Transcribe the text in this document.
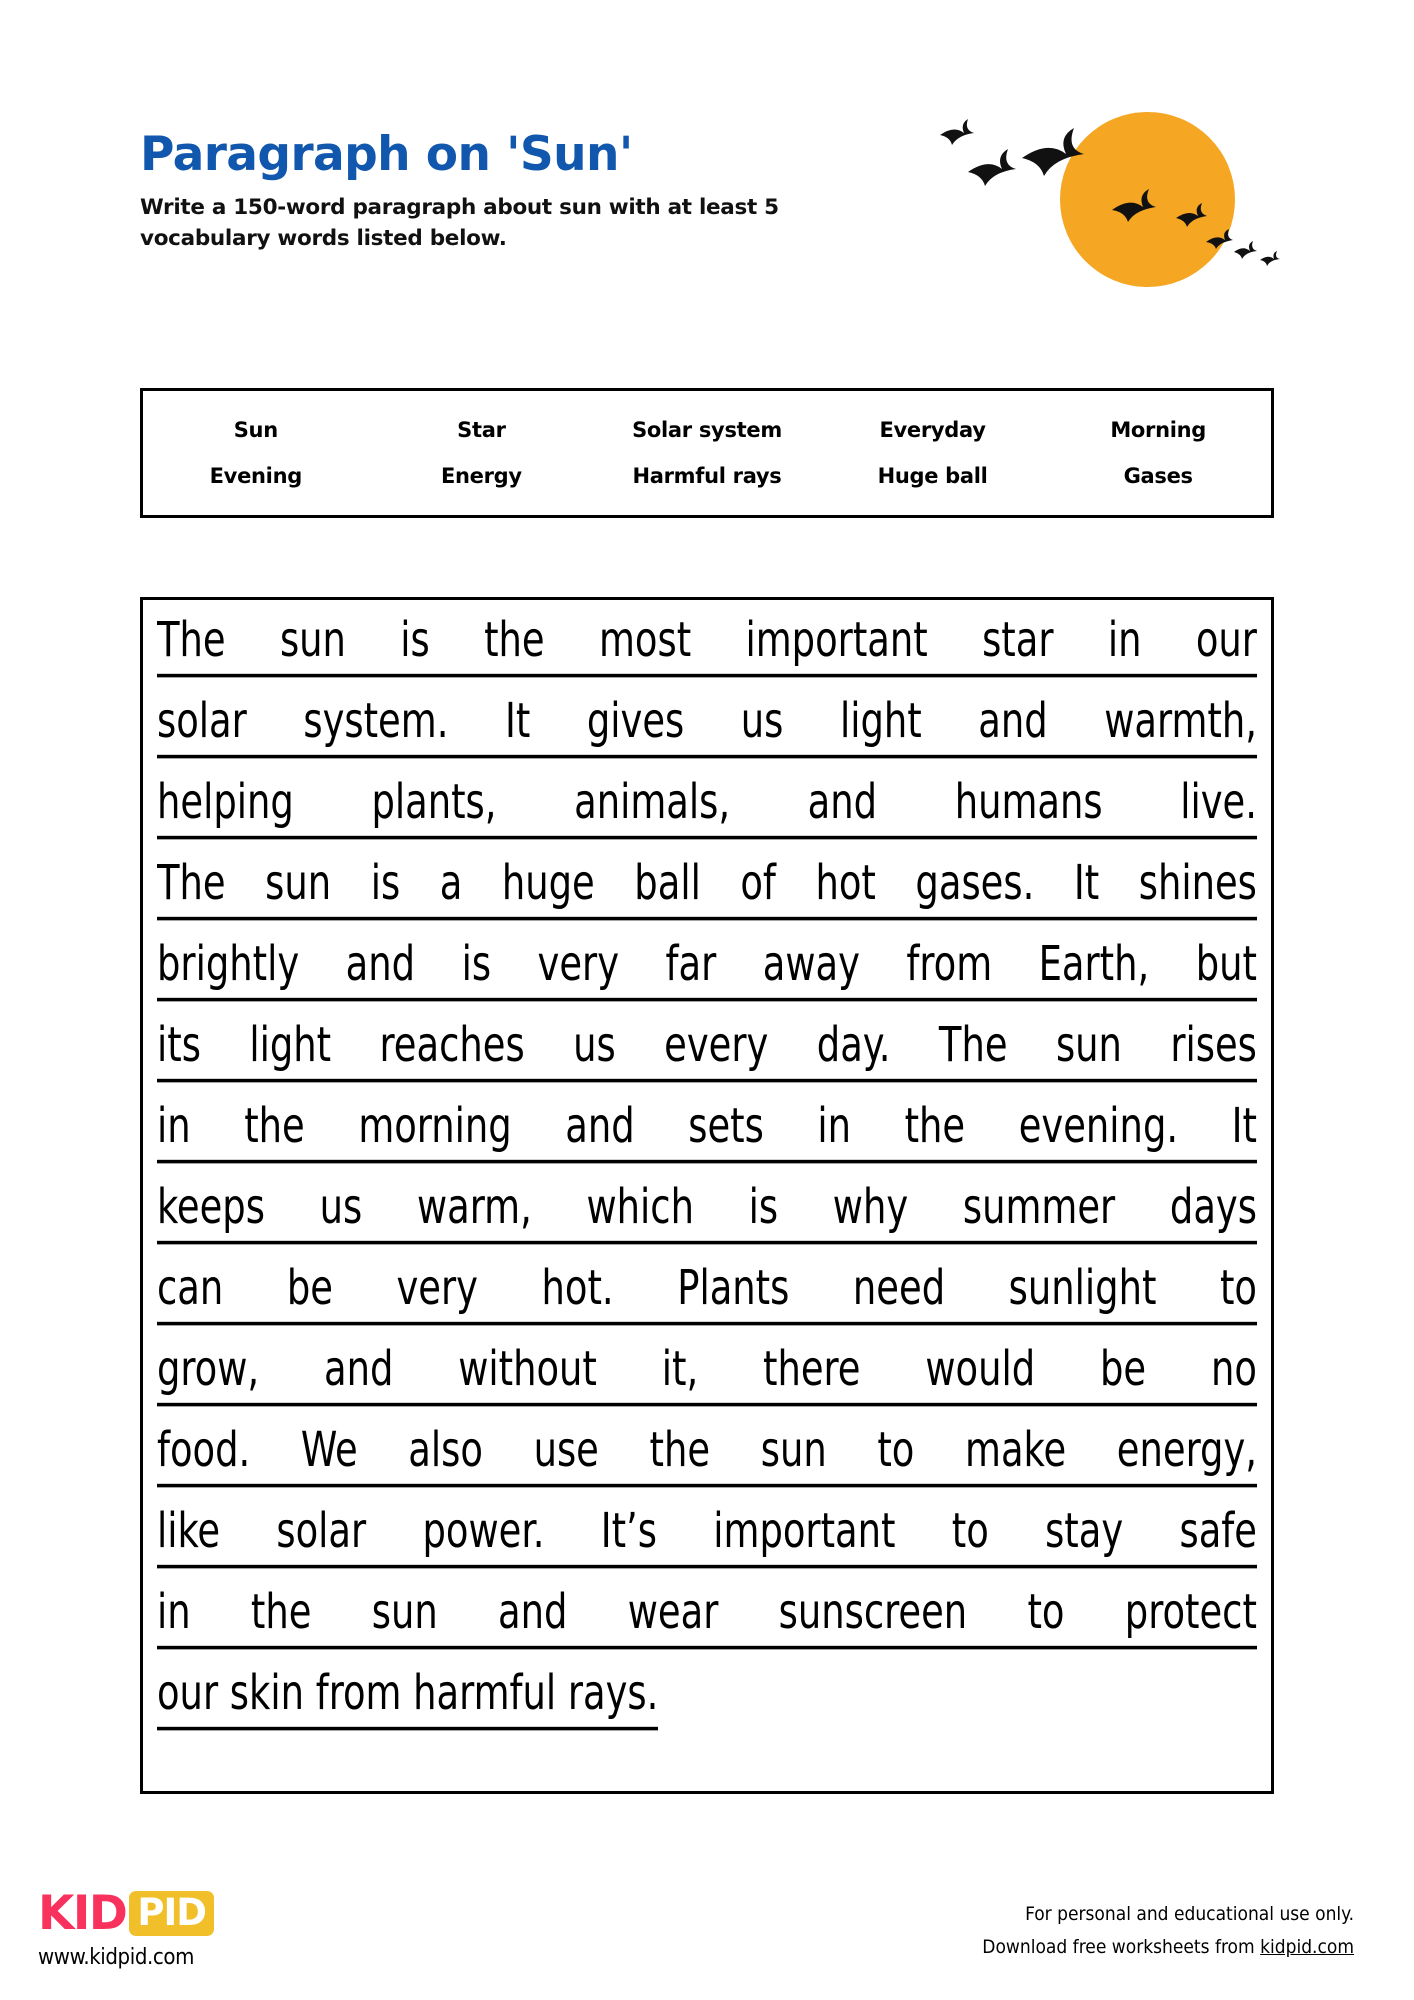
Paragraph on 'Sun'
Write a 150-word paragraph about sun with at least 5 vocabulary words listed below.
Sun	Star	Solar system	Everyday	Morning
Evening	Energy	Harmful rays	Huge ball	Gases
The sun is the most important star in our
solar system. It gives us light and warmth,
helping plants, animals, and humans live.
The sun is a huge ball of hot gases. It shines
brightly and is very far away from Earth, but
its light reaches us every day. The sun rises
in the morning and sets in the evening. It
keeps us warm, which is why summer days
can be very hot. Plants need sunlight to
grow, and without it, there would be no
food. We also use the sun to make energy,
like solar power. It’s important to stay safe
in the sun and wear sunscreen to protect
our skin from harmful rays.
KID PID
www.kidpid.com
For personal and educational use only.
Download free worksheets from kidpid.com
